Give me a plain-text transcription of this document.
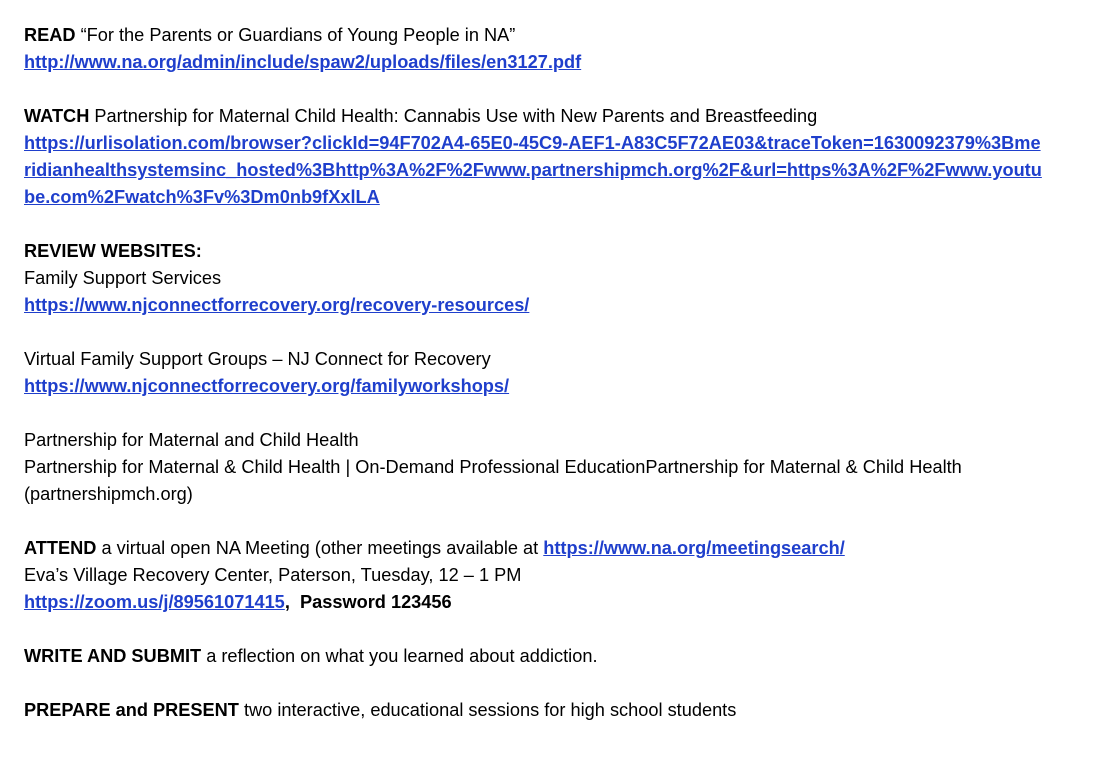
READ “For the Parents or Guardians of Young People in NA”
http://www.na.org/admin/include/spaw2/uploads/files/en3127.pdf
WATCH Partnership for Maternal Child Health: Cannabis Use with New Parents and Breastfeeding
https://urlisolation.com/browser?clickId=94F702A4-65E0-45C9-AEF1-A83C5F72AE03&traceToken=1630092379%3Bme
ridianhealthsystemsinc_hosted%3Bhttp%3A%2F%2Fwww.partnershipmch.org%2F&url=https%3A%2F%2Fwww.youtu
be.com%2Fwatch%3Fv%3Dm0nb9fXxlLA
REVIEW WEBSITES:
Family Support Services
https://www.njconnectforrecovery.org/recovery-resources/
Virtual Family Support Groups – NJ Connect for Recovery
https://www.njconnectforrecovery.org/familyworkshops/
Partnership for Maternal and Child Health
Partnership for Maternal & Child Health | On-Demand Professional EducationPartnership for Maternal & Child Health
(partnershipmch.org)
ATTEND a virtual open NA Meeting (other meetings available at https://www.na.org/meetingsearch/
Eva’s Village Recovery Center, Paterson, Tuesday, 12 – 1 PM
https://zoom.us/j/89561071415,  Password 123456
WRITE AND SUBMIT a reflection on what you learned about addiction.
PREPARE and PRESENT two interactive, educational sessions for high school students
